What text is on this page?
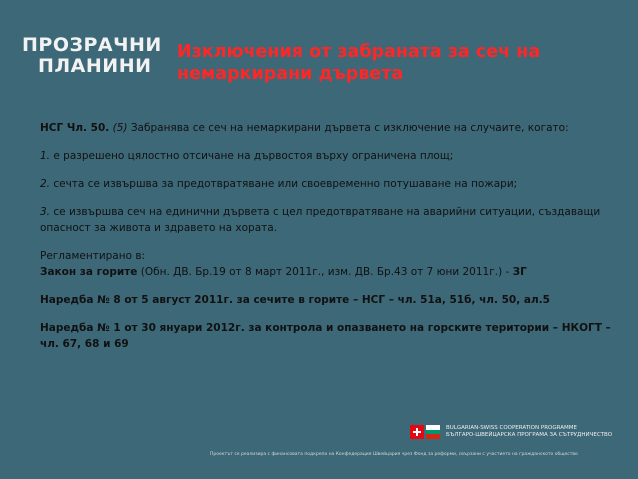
ПРОЗРАЧНИ
ПЛАНИНИ
Изключения от забраната за сеч на немаркирани дървета

НСГ Чл. 50. (5) Забранява се сеч на немаркирани дървета с изключение на случаите, когато:

1. е разрешено цялостно отсичане на дървостоя върху ограничена площ;

2. сечта се извършва за предотвратяване или своевременно потушаване на пожари;

3. се извършва сеч на единични дървета с цел предотвратяване на аварийни ситуации, създаващи опасност за живота и здравето на хората.

Регламентирано в:
Закон за горите (Обн. ДВ. Бр.19 от 8 март 2011г., изм. ДВ. Бр.43 от 7 юни 2011г.) - ЗГ

Наредба № 8 от 5 август 2011г. за сечите в горите – НСГ – чл. 51а, 51б, чл. 50, ал.5

Наредба № 1 от 30 януари 2012г. за контрола и опазването на горските територии – НКОГТ – чл. 67, 68 и 69

BULGARIAN-SWISS COOPERATION PROGRAMME
БЪЛГАРО-ШВЕЙЦАРСКА ПРОГРАМА ЗА СЪТРУДНИЧЕСТВО
Проектът се реализира с финансовата подкрепа на Конфедерация Швейцария чрез Фонд за реформи, свързани с участието на гражданското общество
